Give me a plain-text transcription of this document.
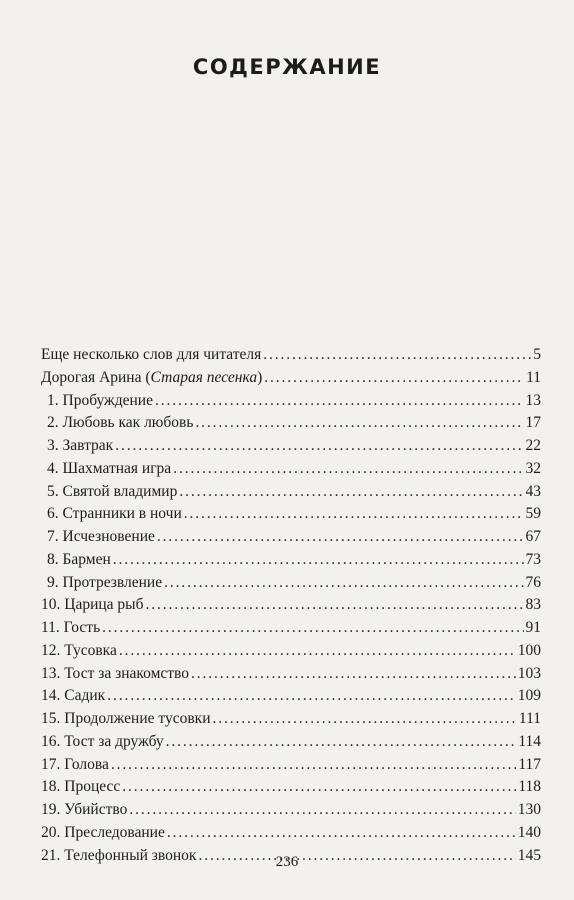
СОДЕРЖАНИЕ
Еще несколько слов для читателя . . .	5
Дорогая Арина (Старая песенка) . . .	11
1. Пробуждение . . .	13
2. Любовь как любовь . . .	17
3. Завтрак . . .	22
4. Шахматная игра . . .	32
5. Святой владимир . . .	43
6. Странники в ночи . . .	59
7. Исчезновение . . .	67
8. Бармен . . .	73
9. Протрезвление . . .	76
10. Царица рыб . . .	83
11. Гость . . .	91
12. Тусовка . . .	100
13. Тост за знакомство . . .	103
14. Садик . . .	109
15. Продолжение тусовки . . .	111
16. Тост за дружбу . . .	114
17. Голова . . .	117
18. Процесс . . .	118
19. Убийство . . .	130
20. Преследование . . .	140
21. Телефонный звонок . . .	145
236
